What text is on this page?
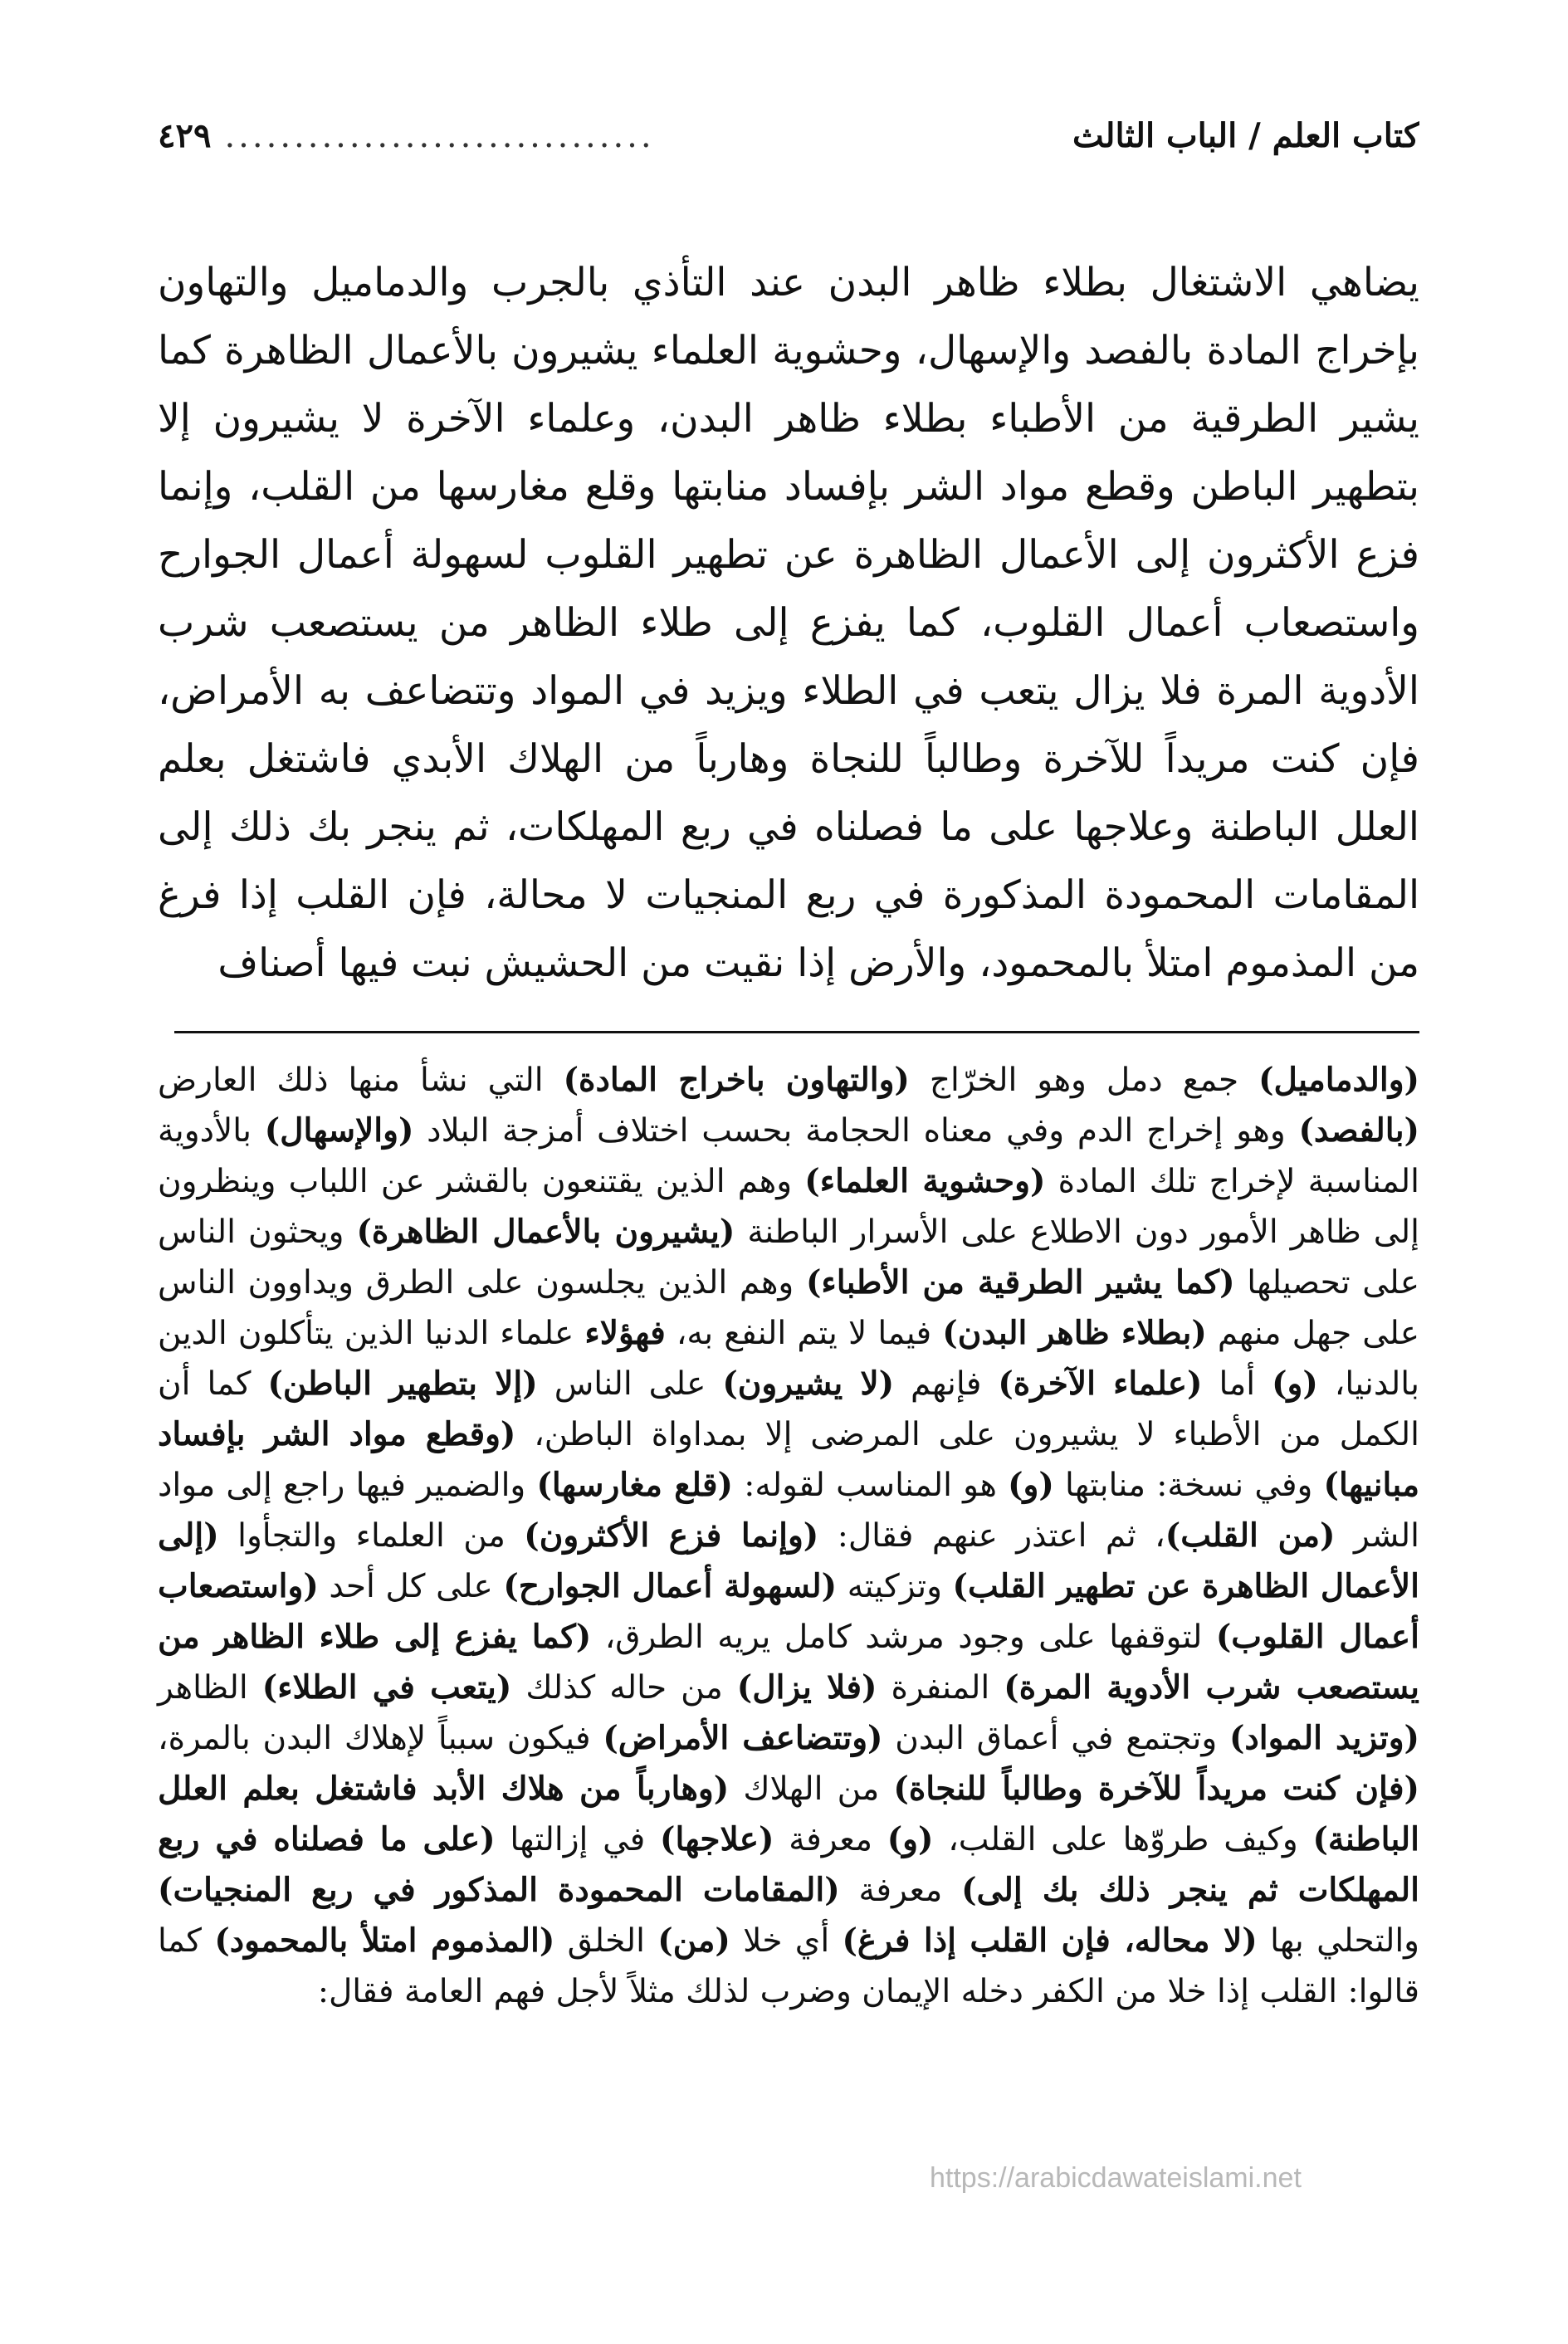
كتاب العلم / الباب الثالث
...............................
٤٢٩

يضاهي الاشتغال بطلاء ظاهر البدن عند التأذي بالجرب والدماميل والتهاون بإخراج المادة بالفصد والإسهال، وحشوية العلماء يشيرون بالأعمال الظاهرة كما يشير الطرقية من الأطباء بطلاء ظاهر البدن، وعلماء الآخرة لا يشيرون إلا بتطهير الباطن وقطع مواد الشر بإفساد منابتها وقلع مغارسها من القلب، وإنما فزع الأكثرون إلى الأعمال الظاهرة عن تطهير القلوب لسهولة أعمال الجوارح واستصعاب أعمال القلوب، كما يفزع إلى طلاء الظاهر من يستصعب شرب الأدوية المرة فلا يزال يتعب في الطلاء ويزيد في المواد وتتضاعف به الأمراض، فإن كنت مريداً للآخرة وطالباً للنجاة وهارباً من الهلاك الأبدي فاشتغل بعلم العلل الباطنة وعلاجها على ما فصلناه في ربع المهلكات، ثم ينجر بك ذلك إلى المقامات المحمودة المذكورة في ربع المنجيات لا محالة، فإن القلب إذا فرغ من المذموم امتلأ بالمحمود، والأرض إذا نقيت من الحشيش نبت فيها أصناف

(والدماميل) جمع دمل وهو الخرّاج (والتهاون باخراج المادة) التي نشأ منها ذلك العارض (بالفصد) وهو إخراج الدم وفي معناه الحجامة بحسب اختلاف أمزجة البلاد (والإسهال) بالأدوية المناسبة لإخراج تلك المادة (وحشوية العلماء) وهم الذين يقتنعون بالقشر عن اللباب وينظرون إلى ظاهر الأمور دون الاطلاع على الأسرار الباطنة (يشيرون بالأعمال الظاهرة) ويحثون الناس على تحصيلها (كما يشير الطرقية من الأطباء) وهم الذين يجلسون على الطرق ويداوون الناس على جهل منهم (بطلاء ظاهر البدن) فيما لا يتم النفع به، فهؤلاء علماء الدنيا الذين يتأكلون الدين بالدنيا، (و) أما (علماء الآخرة) فإنهم (لا يشيرون) على الناس (إلا بتطهير الباطن) كما أن الكمل من الأطباء لا يشيرون على المرضى إلا بمداواة الباطن، (وقطع مواد الشر بإفساد مبانيها) وفي نسخة: منابتها (و) هو المناسب لقوله: (قلع مغارسها) والضمير فيها راجع إلى مواد الشر (من القلب)، ثم اعتذر عنهم فقال: (وإنما فزع الأكثرون) من العلماء والتجأوا (إلى الأعمال الظاهرة عن تطهير القلب) وتزكيته (لسهولة أعمال الجوارح) على كل أحد (واستصعاب أعمال القلوب) لتوقفها على وجود مرشد كامل يريه الطرق، (كما يفزع إلى طلاء الظاهر من يستصعب شرب الأدوية المرة) المنفرة (فلا يزال) من حاله كذلك (يتعب في الطلاء) الظاهر (وتزيد المواد) وتجتمع في أعماق البدن (وتتضاعف الأمراض) فيكون سبباً لإهلاك البدن بالمرة، (فإن كنت مريداً للآخرة وطالباً للنجاة) من الهلاك (وهارباً من هلاك الأبد فاشتغل بعلم العلل الباطنة) وكيف طروّها على القلب، (و) معرفة (علاجها) في إزالتها (على ما فصلناه في ربع المهلكات ثم ينجر ذلك بك إلى) معرفة (المقامات المحمودة المذكور في ربع المنجيات) والتحلي بها (لا محاله، فإن القلب إذا فرغ) أي خلا (من) الخلق (المذموم امتلأ بالمحمود) كما قالوا: القلب إذا خلا من الكفر دخله الإيمان وضرب لذلك مثلاً لأجل فهم العامة فقال:

https://arabicdawateislami.net
